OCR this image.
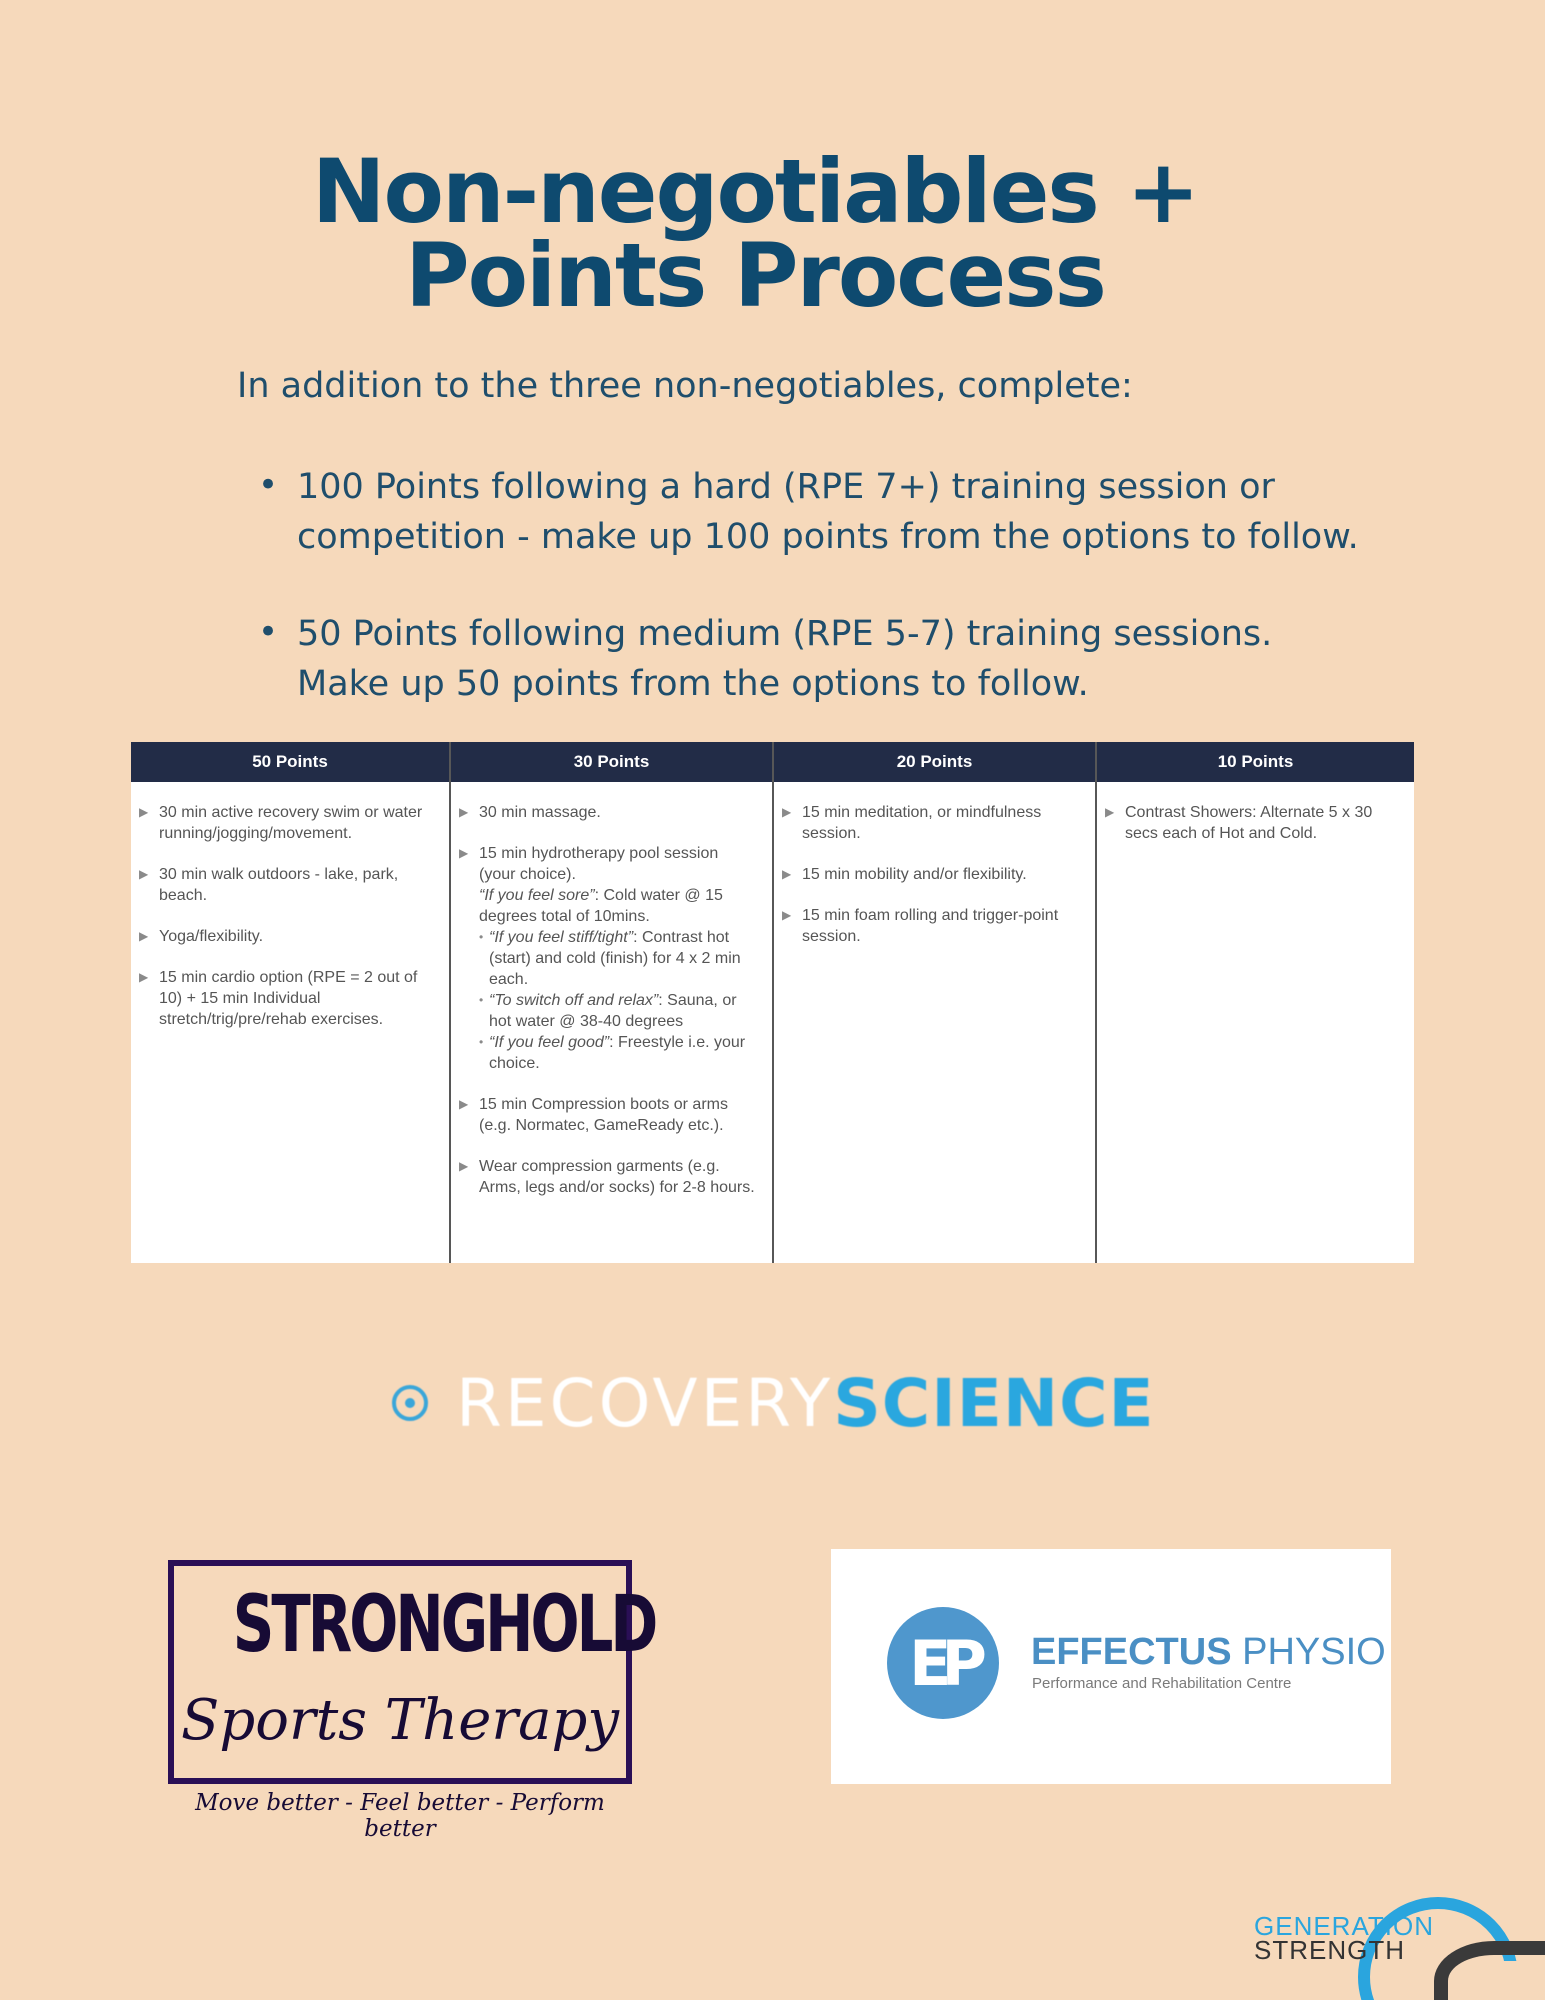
Non-negotiables +
Points Process

In addition to the three non-negotiables, complete:

• 100 Points following a hard (RPE 7+) training session or
competition - make up 100 points from the options to follow.
• 50 Points following medium (RPE 5-7) training sessions.
Make up 50 points from the options to follow.
50 Points
▶ 30 min active recovery swim or water running/jogging/movement.
▶ 30 min walk outdoors - lake, park, beach.
▶ Yoga/flexibility.
▶ 15 min cardio option (RPE = 2 out of 10) + 15 min Individual stretch/trig/pre/rehab exercises.
30 Points
▶ 30 min massage.
▶ 15 min hydrotherapy pool session (your choice).
“If you feel sore”: Cold water @ 15 degrees total of 10mins.
• “If you feel stiff/tight”: Contrast hot (start) and cold (finish) for 4 x 2 min each.
• “To switch off and relax”: Sauna, or hot water @ 38-40 degrees
• “If you feel good”: Freestyle i.e. your choice.
▶ 15 min Compression boots or arms (e.g. Normatec, GameReady etc.).
▶ Wear compression garments (e.g. Arms, legs and/or socks) for 2-8 hours.
20 Points
▶ 15 min meditation, or mindfulness session.
▶ 15 min mobility and/or flexibility.
▶ 15 min foam rolling and trigger-point session.
10 Points
▶ Contrast Showers: Alternate 5 x 30 secs each of Hot and Cold.
RECOVERY SCIENCE
STRONGHOLD
Sports Therapy
Move better - Feel better - Perform better
EP	EFFECTUS PHYSIO
Performance and Rehabilitation Centre
GENERATION
STRENGTH
